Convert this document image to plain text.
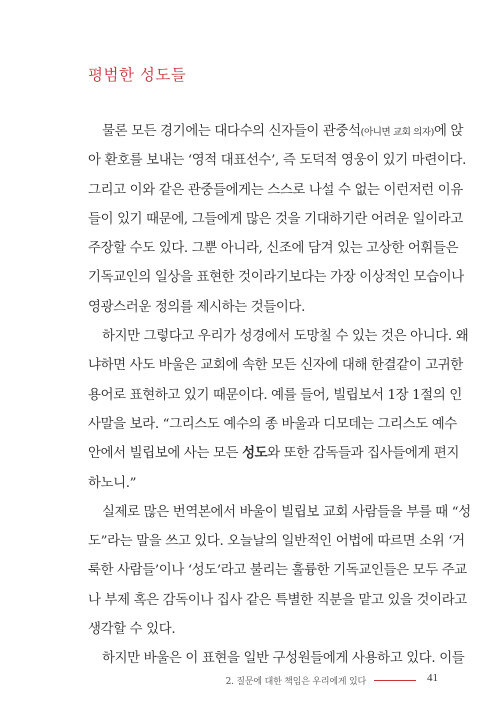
평범한 성도들
물론 모든 경기에는 대다수의 신자들이 관중석(아니면 교회 의자)에 앉
아 환호를 보내는 ‘영적 대표선수’, 즉 도덕적 영웅이 있기 마련이다.
그리고 이와 같은 관중들에게는 스스로 나설 수 없는 이런저런 이유
들이 있기 때문에, 그들에게 많은 것을 기대하기란 어려운 일이라고
주장할 수도 있다. 그뿐 아니라, 신조에 담겨 있는 고상한 어휘들은
기독교인의 일상을 표현한 것이라기보다는 가장 이상적인 모습이나
영광스러운 정의를 제시하는 것들이다.
하지만 그렇다고 우리가 성경에서 도망칠 수 있는 것은 아니다. 왜
냐하면 사도 바울은 교회에 속한 모든 신자에 대해 한결같이 고귀한
용어로 표현하고 있기 때문이다. 예를 들어, 빌립보서 1장 1절의 인
사말을 보라. “그리스도 예수의 종 바울과 디모데는 그리스도 예수
안에서 빌립보에 사는 모든 성도와 또한 감독들과 집사들에게 편지
하노니.”
실제로 많은 번역본에서 바울이 빌립보 교회 사람들을 부를 때 “성
도”라는 말을 쓰고 있다. 오늘날의 일반적인 어법에 따르면 소위 ‘거
룩한 사람들’이나 ‘성도’라고 불리는 훌륭한 기독교인들은 모두 주교
나 부제 혹은 감독이나 집사 같은 특별한 직분을 맡고 있을 것이라고
생각할 수 있다.
하지만 바울은 이 표현을 일반 구성원들에게 사용하고 있다. 이들
2. 질문에 대한 책임은 우리에게 있다	41
